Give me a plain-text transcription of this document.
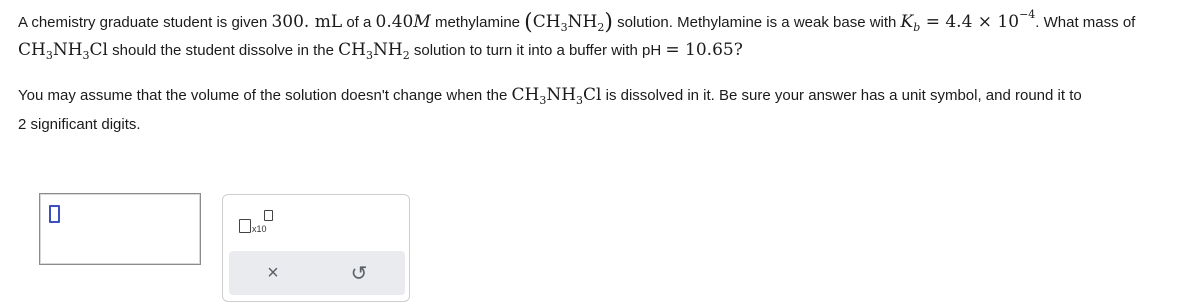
A chemistry graduate student is given 300. mL of a 0.40M methylamine $(CH_3NH_2)$ solution. Methylamine is a weak base with $K_b = 4.4 \times 10^{-4}$. What mass of
$CH_3NH_3Cl$ should the student dissolve in the $CH_3NH_2$ solution to turn it into a buffer with pH = 10.65?
You may assume that the volume of the solution doesn't change when the $CH_3NH_3Cl$ is dissolved in it. Be sure your answer has a unit symbol, and round it to
2 significant digits.
x10
×	↺
